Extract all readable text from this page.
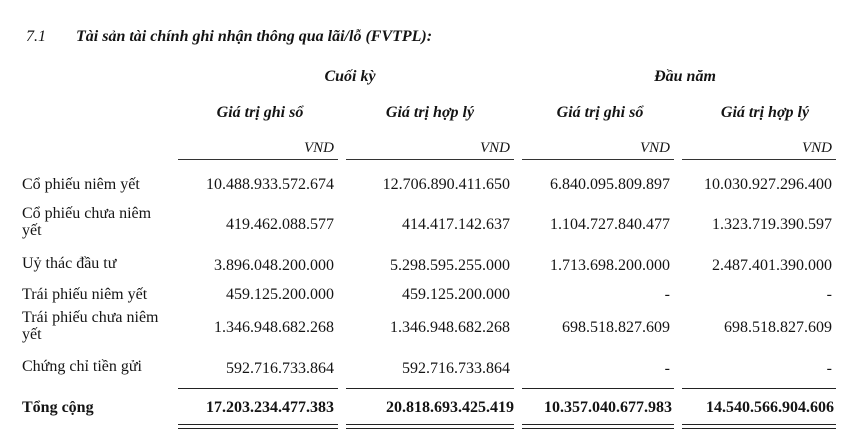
7.1 Tài sản tài chính ghi nhận thông qua lãi/lỗ (FVTPL):
Cuối kỳ	Đầu năm
Giá trị ghi sổ	Giá trị hợp lý	Giá trị ghi sổ	Giá trị hợp lý
VND	VND	VND	VND
Cổ phiếu niêm yết	10.488.933.572.674	12.706.890.411.650	6.840.095.809.897	10.030.927.296.400
Cổ phiếu chưa niêm yết	419.462.088.577	414.417.142.637	1.104.727.840.477	1.323.719.390.597
Uỷ thác đầu tư	3.896.048.200.000	5.298.595.255.000	1.713.698.200.000	2.487.401.390.000
Trái phiếu niêm yết	459.125.200.000	459.125.200.000	-	-
Trái phiếu chưa niêm yết	1.346.948.682.268	1.346.948.682.268	698.518.827.609	698.518.827.609
Chứng chỉ tiền gửi	592.716.733.864	592.716.733.864	-	-
Tổng cộng	17.203.234.477.383	20.818.693.425.419	10.357.040.677.983	14.540.566.904.606
